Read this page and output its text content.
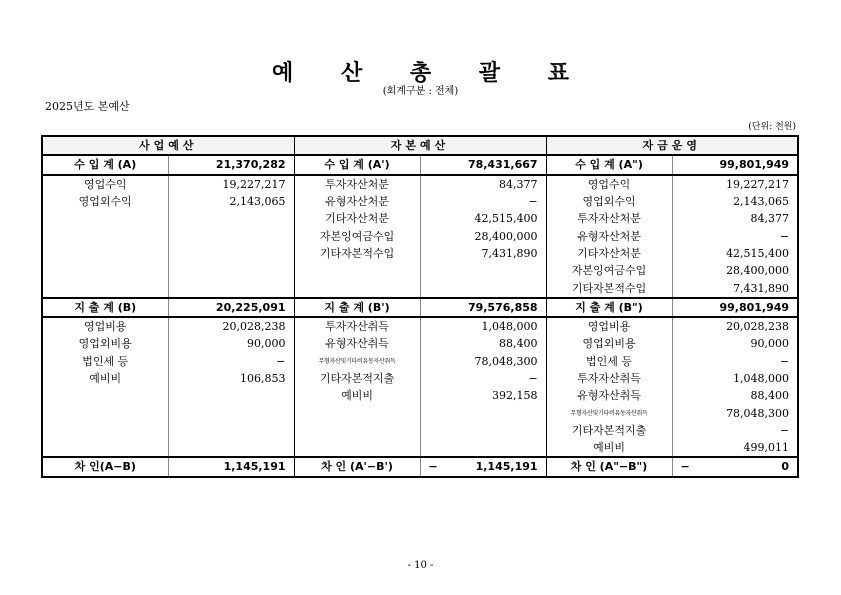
예 산 총 괄 표
(회계구분 : 전체)
2025년도 본예산
(단위: 천원)
사업예산		자본예산		자금운영	
수 입 계 (A)	21,370,282	수 입 계 (A')	78,431,667	수 입 계 (A")	99,801,949
영업수익	19,227,217	투자자산처분	84,377	영업수익	19,227,217
영업외수익	2,143,065	유형자산처분	−	영업외수익	2,143,065
		기타자산처분	42,515,400	투자자산처분	84,377
		자본잉여금수입	28,400,000	유형자산처분	−
		기타자본적수입	7,431,890	기타자산처분	42,515,400
				자본잉여금수입	28,400,000
				기타자본적수입	7,431,890
지 출 계 (B)	20,225,091	지 출 계 (B')	79,576,858	지 출 계 (B")	99,801,949
영업비용	20,028,238	투자자산취득	1,048,000	영업비용	20,028,238
영업외비용	90,000	유형자산취득	88,400	영업외비용	90,000
법인세 등	−	무형자산및기타비유동자산취득	78,048,300	법인세 등	−
예비비	106,853	기타자본적지출	−	투자자산취득	1,048,000
		예비비	392,158	유형자산취득	88,400
				무형자산및기타비유동자산취득	78,048,300
				기타자본적지출	−
				예비비	499,011
차 인(A−B)	1,145,191	차 인 (A'−B')	− 1,145,191	차 인 (A"−B")	− 0
- 10 -
